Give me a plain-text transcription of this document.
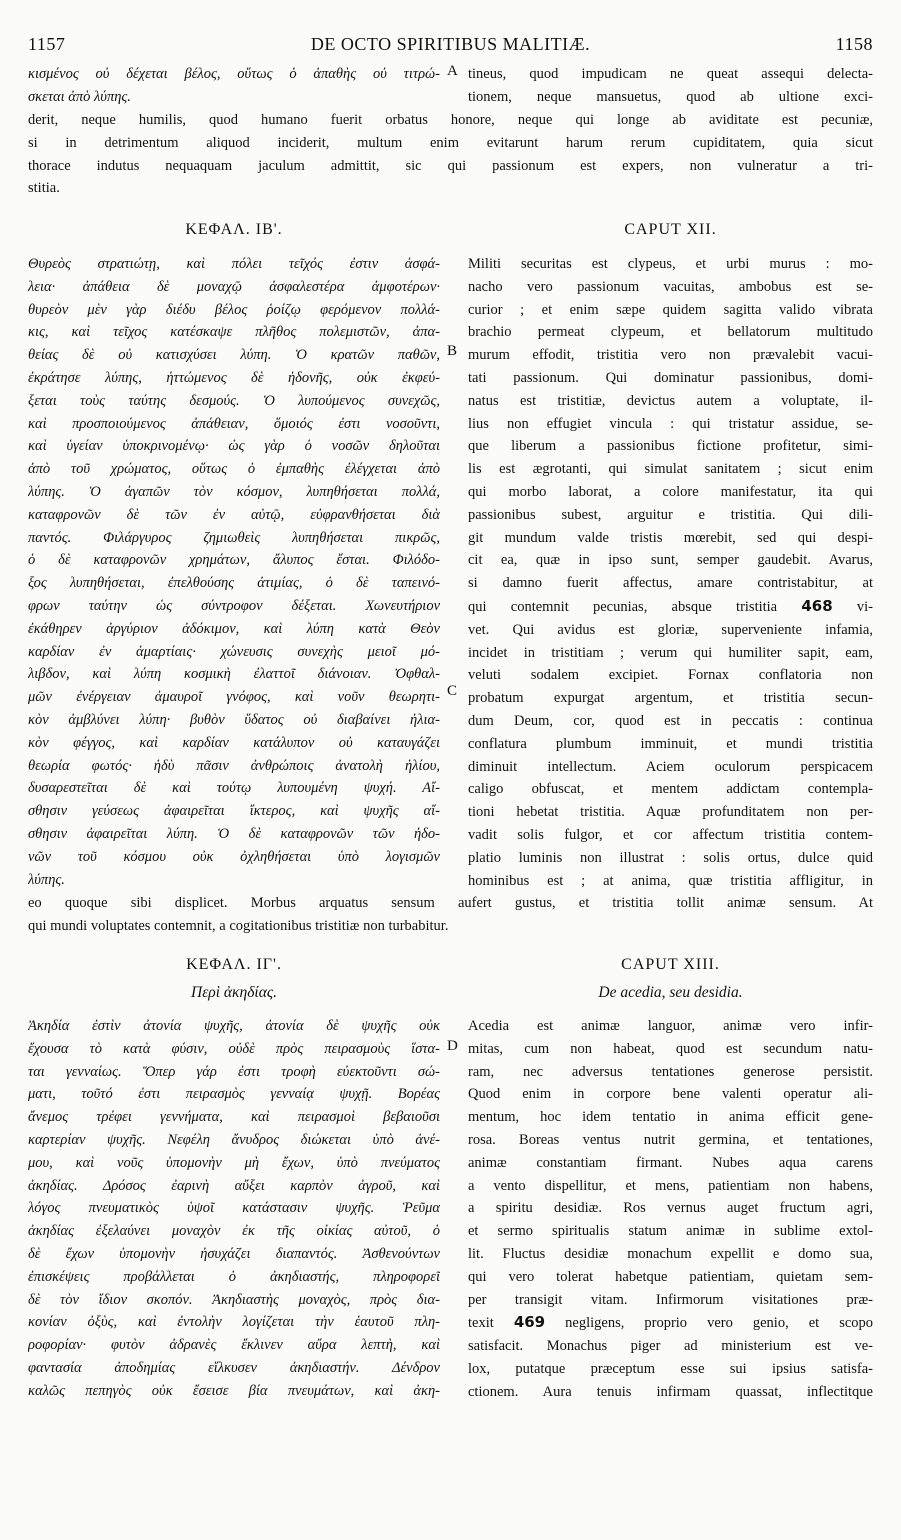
1157	DE OCTO SPIRITIBUS MALITIÆ.	1158
A
B
C
D
κισμένος οὐ δέχεται βέλος, οὕτως ὁ ἀπαθὴς οὐ τιτρώ-
σκεται ἀπὸ λύπης.
tineus, quod impudicam ne queat assequi delecta-
tionem, neque mansuetus, quod ab ultione exci-
derit, neque humilis, quod humano fuerit orbatus honore, neque qui longe ab aviditate est pecuniæ,
si in detrimentum aliquod inciderit, multum enim evitarunt harum rerum cupiditatem, quia sicut
thorace indutus nequaquam jaculum admittit, sic qui passionum est expers, non vulneratur a tri-
stitia.
ΚΕΦΑΛ. ΙΒ'.	CAPUT XII.
Θυρεὸς στρατιώτῃ, καὶ πόλει τεῖχός ἐστιν ἀσφά-
λεια· ἀπάθεια δὲ μοναχῷ ἀσφαλεστέρα ἀμφοτέρων·
θυρεὸν μὲν γὰρ διέδυ βέλος ῥοίζῳ φερόμενον πολλά-
κις, καὶ τεῖχος κατέσκαψε πλῆθος πολεμιστῶν, ἀπα-
θείας δὲ οὐ κατισχύσει λύπη. Ὁ κρατῶν παθῶν,
ἐκράτησε λύπης, ἡττώμενος δὲ ἡδονῆς, οὐκ ἐκφεύ-
ξεται τοὺς ταύτης δεσμούς. Ὁ λυπούμενος συνεχῶς,
καὶ προσποιούμενος ἀπάθειαν, ὅμοιός ἐστι νοσοῦντι,
καὶ ὑγείαν ὑποκρινομένῳ· ὡς γὰρ ὁ νοσῶν δηλοῦται
ἀπὸ τοῦ χρώματος, οὕτως ὁ ἐμπαθὴς ἐλέγχεται ἀπὸ
λύπης. Ὁ ἀγαπῶν τὸν κόσμον, λυπηθήσεται πολλά,
καταφρονῶν δὲ τῶν ἐν αὐτῷ, εὐφρανθήσεται διὰ
παντός. Φιλάργυρος ζημιωθεὶς λυπηθήσεται πικρῶς,
ὁ δὲ καταφρονῶν χρημάτων, ἄλυπος ἔσται. Φιλόδο-
ξος λυπηθήσεται, ἐπελθούσης ἀτιμίας, ὁ δὲ ταπεινό-
φρων ταύτην ὡς σύντροφον δέξεται. Χωνευτήριον
ἐκάθηρεν ἀργύριον ἀδόκιμον, καὶ λύπη κατὰ Θεὸν
καρδίαν ἐν ἁμαρτίαις· χώνευσις συνεχὴς μειοῖ μό-
λιβδον, καὶ λύπη κοσμικὴ ἐλαττοῖ διάνοιαν. Ὀφθαλ-
μῶν ἐνέργειαν ἀμαυροῖ γνόφος, καὶ νοῦν θεωρητι-
κὸν ἀμβλύνει λύπη· βυθὸν ὕδατος οὐ διαβαίνει ἡλια-
κὸν φέγγος, καὶ καρδίαν κατάλυπον οὐ καταυγάζει
θεωρία φωτός· ἡδὺ πᾶσιν ἀνθρώποις ἀνατολὴ ἡλίου,
δυσαρεστεῖται δὲ καὶ τούτῳ λυπουμένη ψυχή. Αἴ-
σθησιν γεύσεως ἀφαιρεῖται ἴκτερος, καὶ ψυχῆς αἴ-
σθησιν ἀφαιρεῖται λύπη. Ὁ δὲ καταφρονῶν τῶν ἡδο-
νῶν τοῦ κόσμου οὐκ ὀχληθήσεται ὑπὸ λογισμῶν
λύπης.
Militi securitas est clypeus, et urbi murus : mo-
nacho vero passionum vacuitas, ambobus est se-
curior ; et enim sæpe quidem sagitta valido vibrata
brachio permeat clypeum, et bellatorum multitudo
murum effodit, tristitia vero non prævalebit vacui-
tati passionum. Qui dominatur passionibus, domi-
natus est tristitiæ, devictus autem a voluptate, il-
lius non effugiet vincula : qui tristatur assidue, se-
que liberum a passionibus fictione profitetur, simi-
lis est ægrotanti, qui simulat sanitatem ; sicut enim
qui morbo laborat, a colore manifestatur, ita qui
passionibus subest, arguitur e tristitia. Qui dili-
git mundum valde tristis mœrebit, sed qui despi-
cit ea, quæ in ipso sunt, semper gaudebit. Avarus,
si damno fuerit affectus, amare contristabitur, at
qui contemnit pecunias, absque tristitia 468 vi-
vet. Qui avidus est gloriæ, superveniente infamia,
incidet in tristitiam ; verum qui humiliter sapit, eam,
veluti sodalem excipiet. Fornax conflatoria non
probatum expurgat argentum, et tristitia secun-
dum Deum, cor, quod est in peccatis : continua
conflatura plumbum imminuit, et mundi tristitia
diminuit intellectum. Aciem oculorum perspicacem
caligo obfuscat, et mentem addictam contempla-
tioni hebetat tristitia. Aquæ profunditatem non per-
vadit solis fulgor, et cor affectum tristitia contem-
platio luminis non illustrat : solis ortus, dulce quid
hominibus est ; at anima, quæ tristitia affligitur, in
eo quoque sibi displicet. Morbus arquatus sensum aufert gustus, et tristitia tollit animæ sensum. At
qui mundi voluptates contemnit, a cogitationibus tristitiæ non turbabitur.
ΚΕΦΑΛ. ΙΓ'.	CAPUT XIII.
Περὶ ἀκηδίας.	De acedia, seu desidia.
Ἀκηδία ἐστὶν ἀτονία ψυχῆς, ἀτονία δὲ ψυχῆς οὐκ
ἔχουσα τὸ κατὰ φύσιν, οὐδὲ πρὸς πειρασμοὺς ἵστα-
ται γενναίως. Ὅπερ γάρ ἐστι τροφὴ εὐεκτοῦντι σώ-
ματι, τοῦτό ἐστι πειρασμὸς γενναίᾳ ψυχῇ. Βορέας
ἄνεμος τρέφει γεννήματα, καὶ πειρασμοὶ βεβαιοῦσι
καρτερίαν ψυχῆς. Νεφέλη ἄνυδρος διώκεται ὑπὸ ἀνέ-
μου, καὶ νοῦς ὑπομονὴν μὴ ἔχων, ὑπὸ πνεύματος
ἀκηδίας. Δρόσος ἐαρινὴ αὔξει καρπὸν ἀγροῦ, καὶ
λόγος πνευματικὸς ὑψοῖ κατάστασιν ψυχῆς. Ῥεῦμα
ἀκηδίας ἐξελαύνει μοναχὸν ἐκ τῆς οἰκίας αὐτοῦ, ὁ
δὲ ἔχων ὑπομονὴν ἡσυχάζει διαπαντός. Ἀσθενούντων
ἐπισκέψεις προβάλλεται ὁ ἀκηδιαστής, πληροφορεῖ
δὲ τὸν ἴδιον σκοπόν. Ἀκηδιαστὴς μοναχὸς, πρὸς δια-
κονίαν ὀξὺς, καὶ ἐντολὴν λογίζεται τὴν ἑαυτοῦ πλη-
ροφορίαν· φυτὸν ἀδρανὲς ἔκλινεν αὔρα λεπτὴ, καὶ
φαντασία ἀποδημίας εἵλκυσεν ἀκηδιαστήν. Δένδρον
καλῶς πεπηγὸς οὐκ ἔσεισε βία πνευμάτων, καὶ ἀκη-
Acedia est animæ languor, animæ vero infir-
mitas, cum non habeat, quod est secundum natu-
ram, nec adversus tentationes generose persistit.
Quod enim in corpore bene valenti operatur ali-
mentum, hoc idem tentatio in anima efficit gene-
rosa. Boreas ventus nutrit germina, et tentationes,
animæ constantiam firmant. Nubes aqua carens
a vento dispellitur, et mens, patientiam non habens,
a spiritu desidiæ. Ros vernus auget fructum agri,
et sermo spiritualis statum animæ in sublime extol-
lit. Fluctus desidiæ monachum expellit e domo sua,
qui vero tolerat habetque patientiam, quietam sem-
per transigit vitam. Infirmorum visitationes præ-
texit 469 negligens, proprio vero genio, et scopo
satisfacit. Monachus piger ad ministerium est ve-
lox, putatque præceptum esse sui ipsius satisfa-
ctionem. Aura tenuis infirmam quassat, inflectitque
